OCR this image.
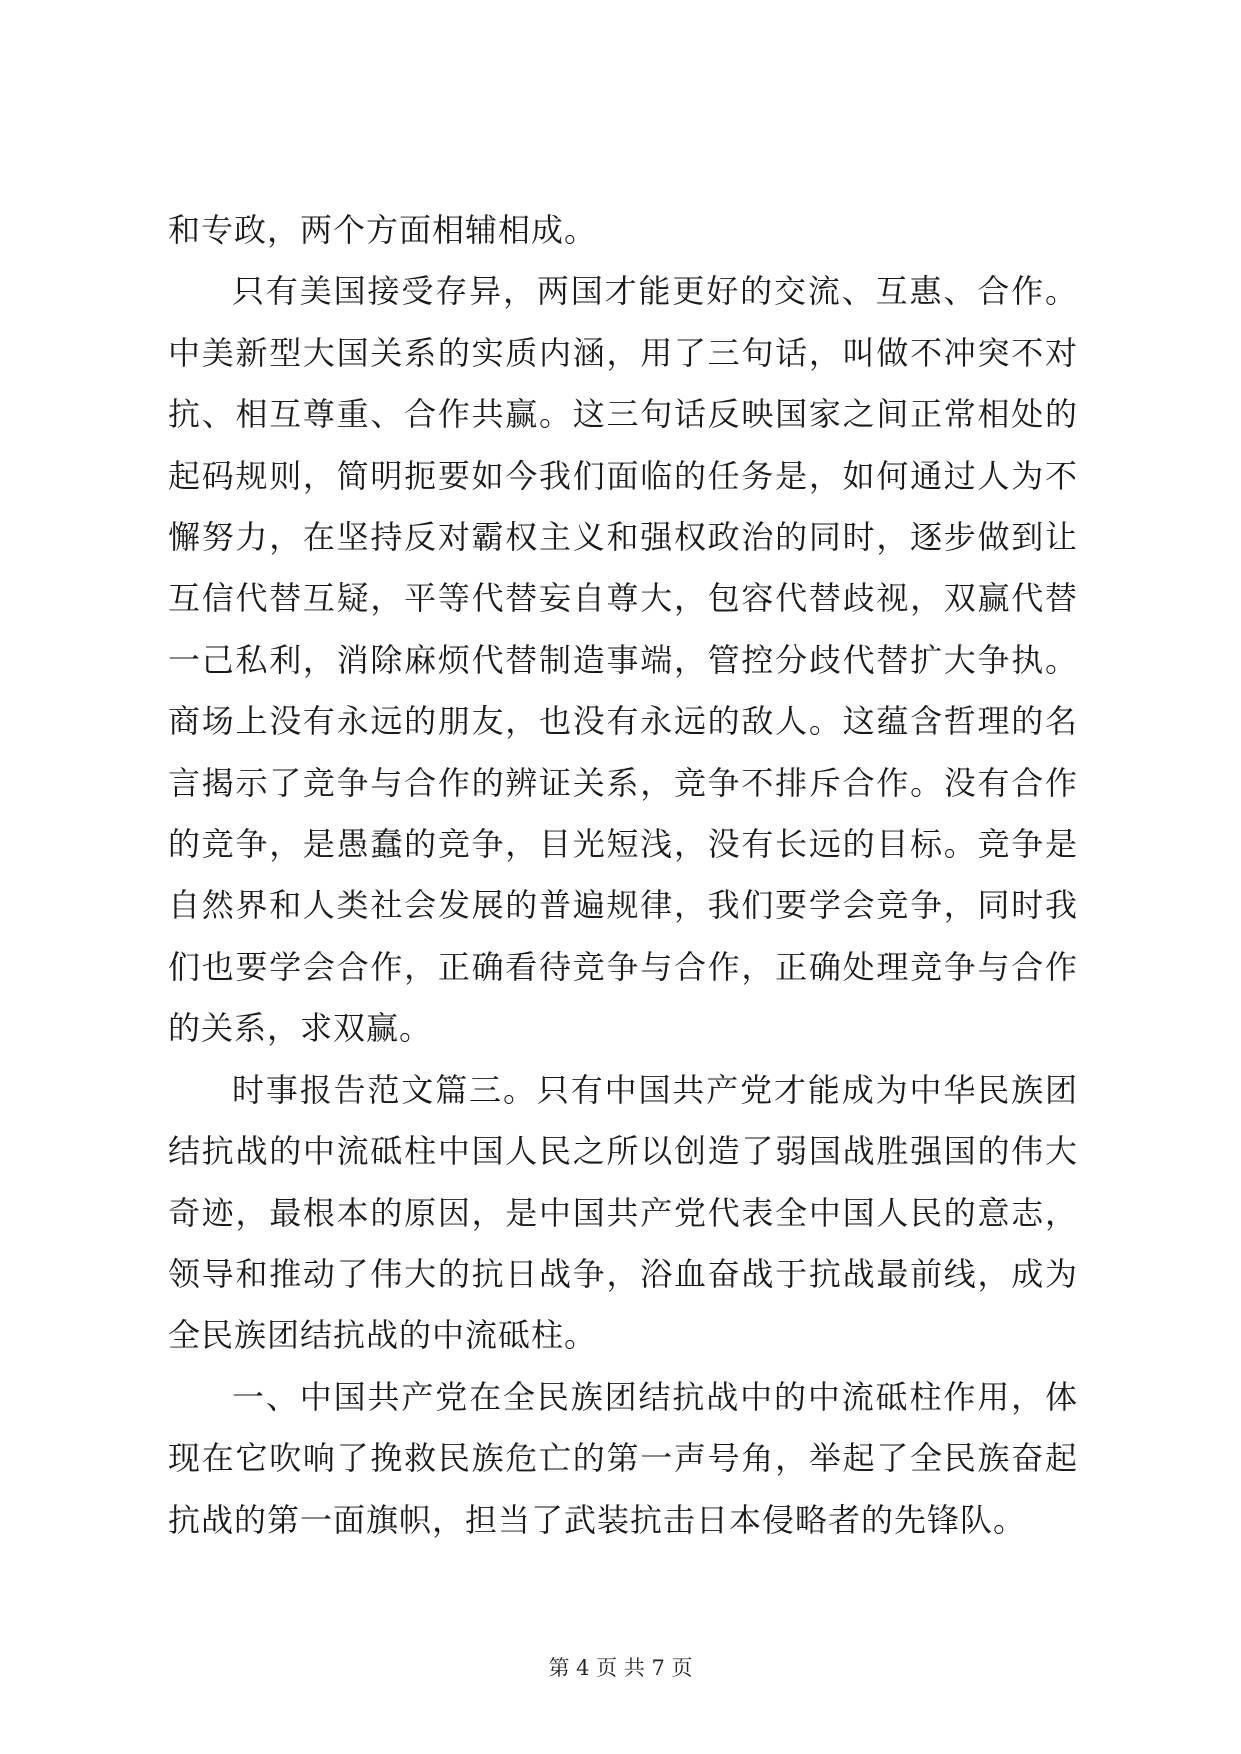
和专政，两个方面相辅相成。

只有美国接受存异，两国才能更好的交流、互惠、合作。中美新型大国关系的实质内涵，用了三句话，叫做不冲突不对抗、相互尊重、合作共赢。这三句话反映国家之间正常相处的起码规则，简明扼要如今我们面临的任务是，如何通过人为不懈努力，在坚持反对霸权主义和强权政治的同时，逐步做到让互信代替互疑，平等代替妄自尊大，包容代替歧视，双赢代替一己私利，消除麻烦代替制造事端，管控分歧代替扩大争执。商场上没有永远的朋友，也没有永远的敌人。这蕴含哲理的名言揭示了竞争与合作的辨证关系，竞争不排斥合作。没有合作的竞争，是愚蠢的竞争，目光短浅，没有长远的目标。竞争是自然界和人类社会发展的普遍规律，我们要学会竞争，同时我们也要学会合作，正确看待竞争与合作，正确处理竞争与合作的关系，求双赢。

时事报告范文篇三。只有中国共产党才能成为中华民族团结抗战的中流砥柱中国人民之所以创造了弱国战胜强国的伟大奇迹，最根本的原因，是中国共产党代表全中国人民的意志，领导和推动了伟大的抗日战争，浴血奋战于抗战最前线，成为全民族团结抗战的中流砥柱。

一、中国共产党在全民族团结抗战中的中流砥柱作用，体现在它吹响了挽救民族危亡的第一声号角，举起了全民族奋起抗战的第一面旗帜，担当了武装抗击日本侵略者的先锋队。

第 4 页 共 7 页
